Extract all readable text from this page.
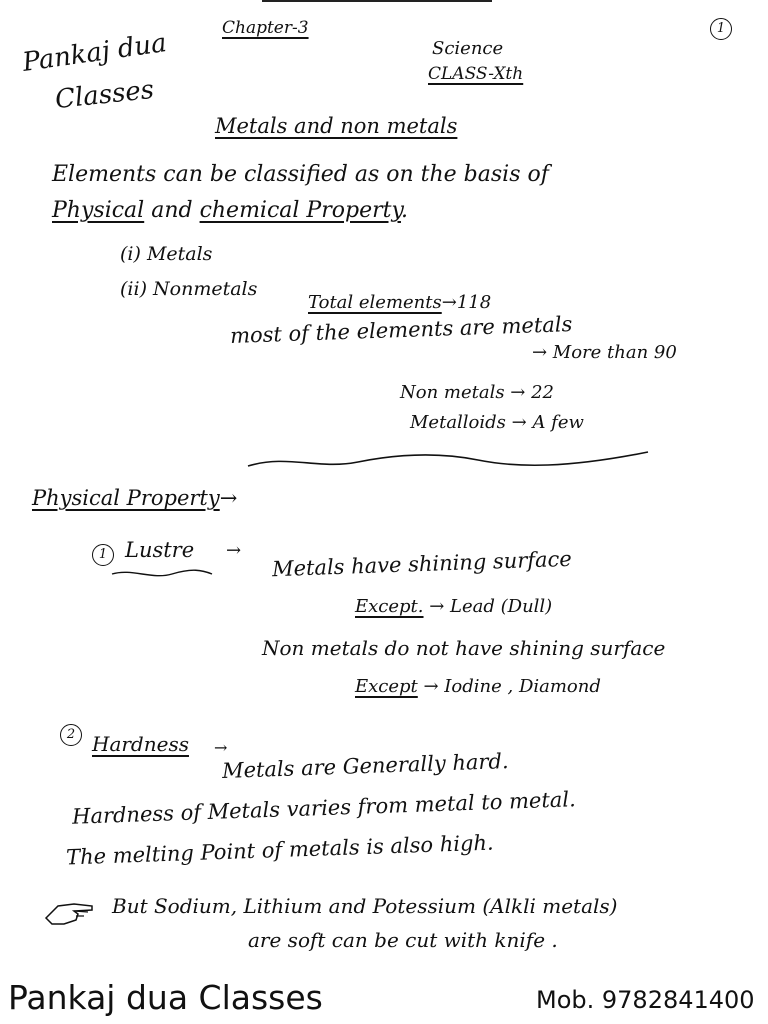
Pankaj dua
Classes
Chapter-3	1
Science
CLASS-Xth
Metals and non metals
Elements can be classified as on the basis of
Physical and chemical Property.
(i) Metals
(ii) Nonmetals
Total elements→118
most of the elements are metals
→ More than 90
Non metals → 22
Metalloids → A few
Physical Property→
1 Lustre → Metals have shining surface
Except. → Lead (Dull)
Non metals do not have shining surface
Except → Iodine , Diamond
2 Hardness →
Metals are Generally hard.
Hardness of Metals varies from metal to metal.
The melting Point of metals is also high.
But Sodium, Lithium and Potessium (Alkli metals)
are soft can be cut with knife .
Pankaj dua Classes	Mob. 9782841400
